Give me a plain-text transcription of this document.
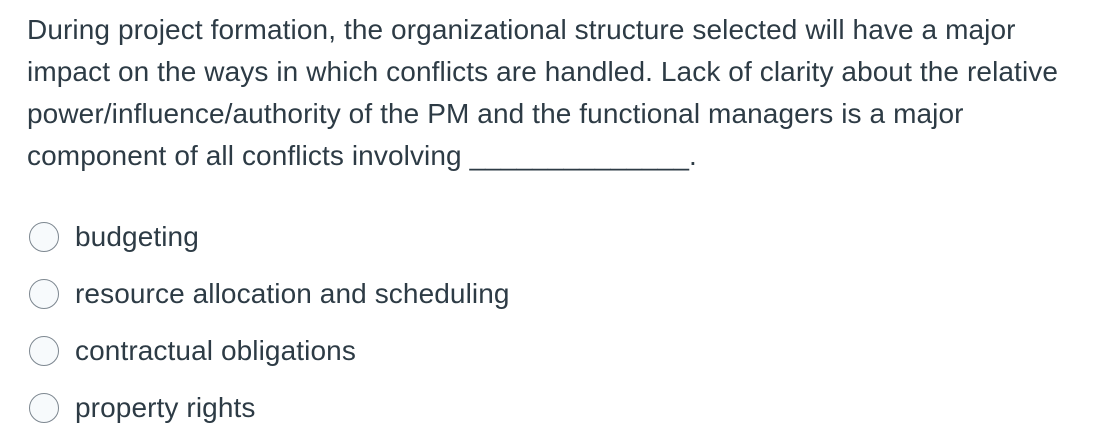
During project formation, the organizational structure selected will have a major
impact on the ways in which conflicts are handled. Lack of clarity about the relative
power/influence/authority of the PM and the functional managers is a major
component of all conflicts involving ______________.
budgeting
resource allocation and scheduling
contractual obligations
property rights
